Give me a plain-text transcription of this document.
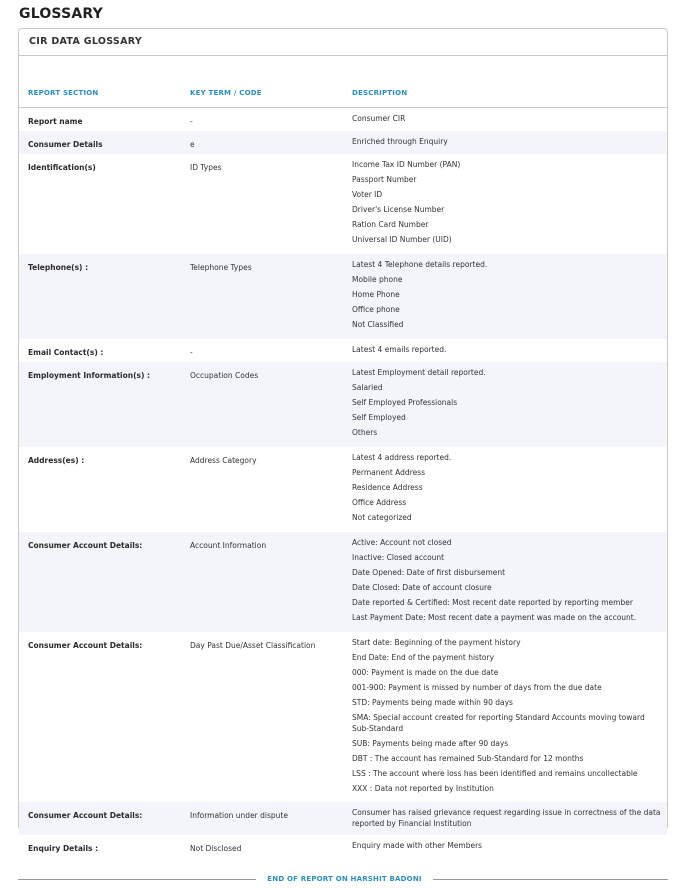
GLOSSARY
CIR DATA GLOSSARY
REPORT SECTION	KEY TERM / CODE	DESCRIPTION
Report name	-	Consumer CIR
Consumer Details	e	Enriched through Enquiry
Identification(s)	ID Types	Income Tax ID Number (PAN)
Passport Number
Voter ID
Driver's License Number
Ration Card Number
Universal ID Number (UID)
Telephone(s) :	Telephone Types	Latest 4 Telephone details reported.
Mobile phone
Home Phone
Office phone
Not Classified
Email Contact(s) :	-	Latest 4 emails reported.
Employment Information(s) :	Occupation Codes	Latest Employment detail reported.
Salaried
Self Employed Professionals
Self Employed
Others
Address(es) :	Address Category	Latest 4 address reported.
Permanent Address
Residence Address
Office Address
Not categorized
Consumer Account Details:	Account Information	Active: Account not closed
Inactive: Closed account
Date Opened: Date of first disbursement
Date Closed: Date of account closure
Date reported & Certified: Most recent date reported by reporting member
Last Payment Date: Most recent date a payment was made on the account.
Consumer Account Details:	Day Past Due/Asset Classification	Start date: Beginning of the payment history
End Date: End of the payment history
000: Payment is made on the due date
001-900: Payment is missed by number of days from the due date
STD: Payments being made within 90 days
SMA: Special account created for reporting Standard Accounts moving toward Sub-Standard
SUB: Payments being made after 90 days
DBT : The account has remained Sub-Standard for 12 months
LSS : The account where loss has been identified and remains uncollectable
XXX : Data not reported by Institution
Consumer Account Details:	Information under dispute	Consumer has raised grievance request regarding issue in correctness of the data reported by Financial Institution
Enquiry Details :	Not Disclosed	Enquiry made with other Members
END OF REPORT ON HARSHIT BADONI
